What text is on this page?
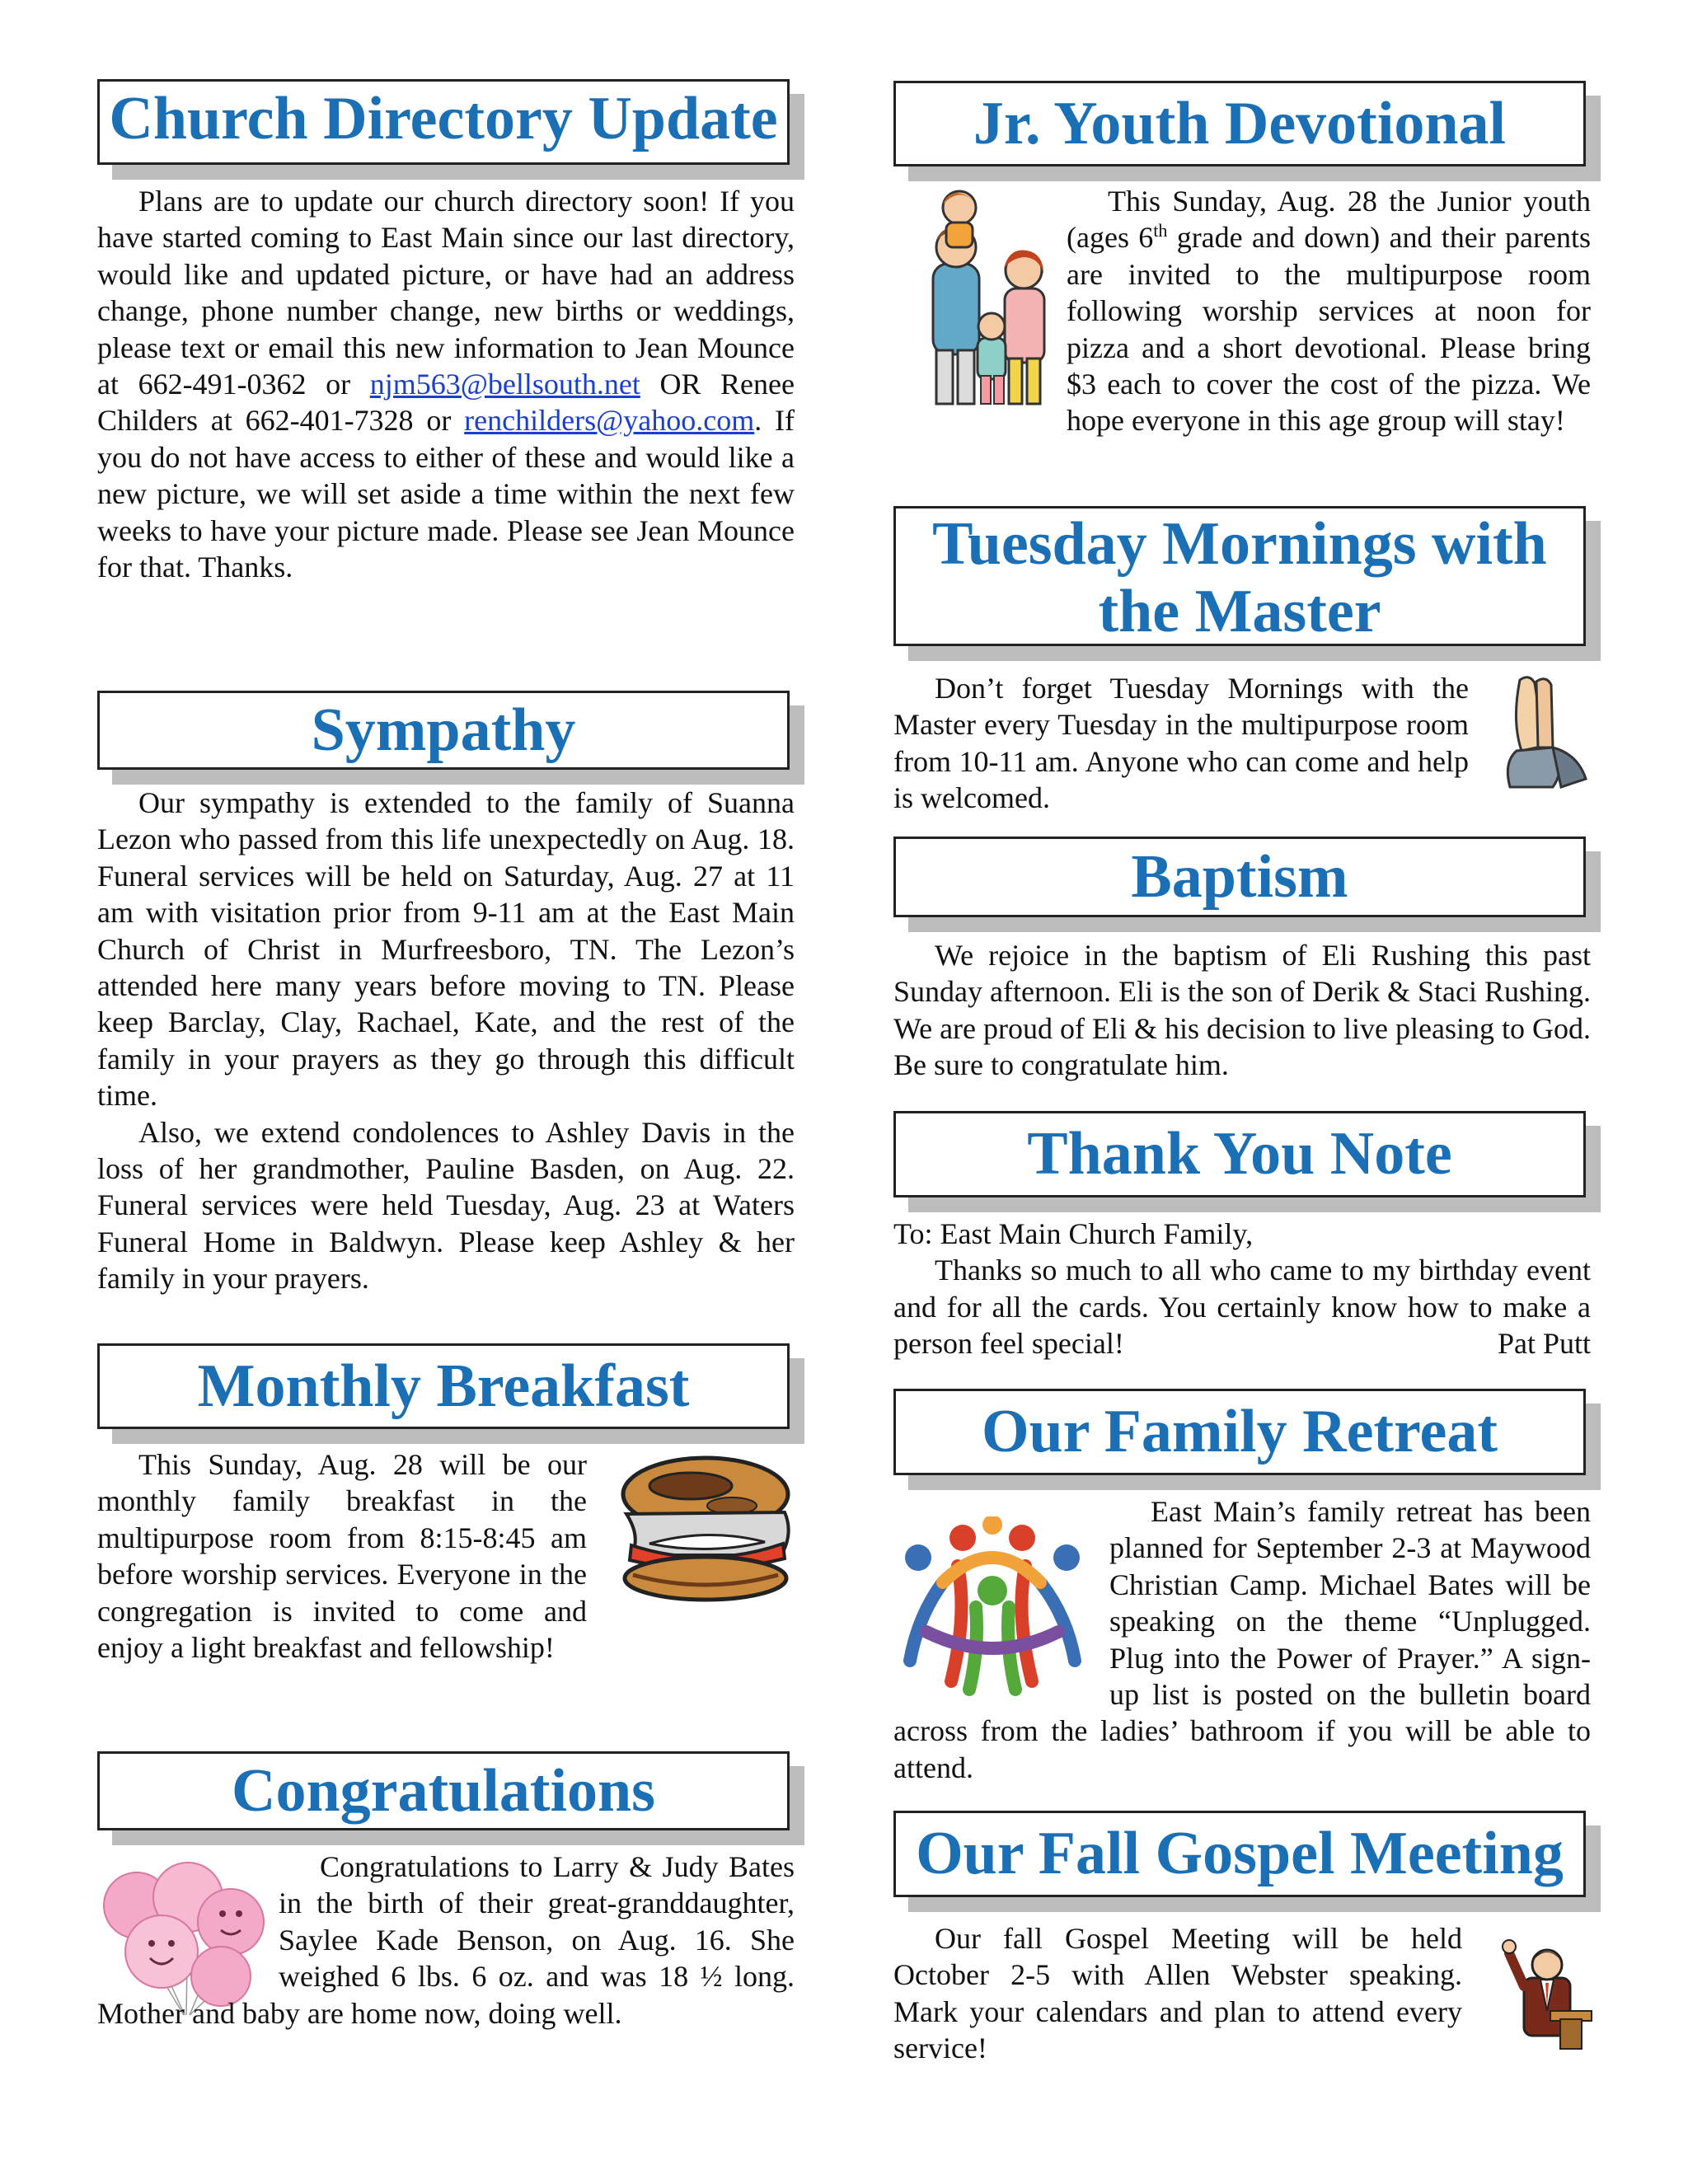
Church Directory Update

Plans are to update our church directory soon! If you have started coming to East Main since our last directory, would like and updated picture, or have had an address change, phone number change, new births or weddings, please text or email this new information to Jean Mounce at 662-491-0362 or njm563@bellsouth.net OR Renee Childers at 662-401-7328 or renchilders@yahoo.com. If you do not have access to either of these and would like a new picture, we will set aside a time within the next few weeks to have your picture made. Please see Jean Mounce for that. Thanks.

Sympathy

Our sympathy is extended to the family of Suanna Lezon who passed from this life unexpectedly on Aug. 18. Funeral services will be held on Saturday, Aug. 27 at 11 am with visitation prior from 9-11 am at the East Main Church of Christ in Murfreesboro, TN. The Lezon’s attended here many years before moving to TN. Please keep Barclay, Clay, Rachael, Kate, and the rest of the family in your prayers as they go through this difficult time.

Also, we extend condolences to Ashley Davis in the loss of her grandmother, Pauline Basden, on Aug. 22. Funeral services were held Tuesday, Aug. 23 at Waters Funeral Home in Baldwyn. Please keep Ashley & her family in your prayers.

Monthly Breakfast

This Sunday, Aug. 28 will be our monthly family breakfast in the multipurpose room from 8:15-8:45 am before worship services. Everyone in the congregation is invited to come and enjoy a light breakfast and fellowship!

Congratulations

Congratulations to Larry & Judy Bates in the birth of their great-granddaughter, Saylee Kade Benson, on Aug. 16. She weighed 6 lbs. 6 oz. and was 18 ½ long. Mother and baby are home now, doing well.

Jr. Youth Devotional

This Sunday, Aug. 28 the Junior youth (ages 6th grade and down) and their parents are invited to the multipurpose room following worship services at noon for pizza and a short devotional. Please bring $3 each to cover the cost of the pizza. We hope everyone in this age group will stay!

Tuesday Mornings with the Master

Don’t forget Tuesday Mornings with the Master every Tuesday in the multipurpose room from 10-11 am. Anyone who can come and help is welcomed.

Baptism

We rejoice in the baptism of Eli Rushing this past Sunday afternoon. Eli is the son of Derik & Staci Rushing. We are proud of Eli & his decision to live pleasing to God. Be sure to congratulate him.

Thank You Note

To: East Main Church Family,

Thanks so much to all who came to my birthday event and for all the cards. You certainly know how to make a person feel special!	Pat Putt

Our Family Retreat

East Main’s family retreat has been planned for September 2-3 at Maywood Christian Camp. Michael Bates will be speaking on the theme “Unplugged. Plug into the Power of Prayer.” A sign-up list is posted on the bulletin board across from the ladies’ bathroom if you will be able to attend.

Our Fall Gospel Meeting

Our fall Gospel Meeting will be held October 2-5 with Allen Webster speaking. Mark your calendars and plan to attend every service!
